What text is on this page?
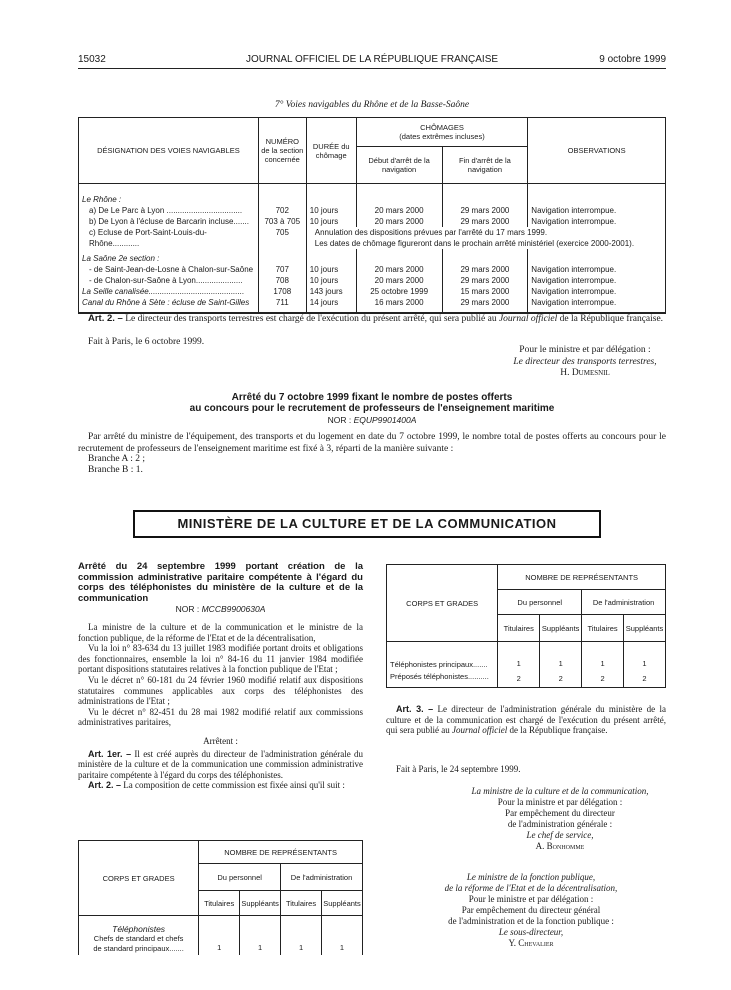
15032	JOURNAL OFFICIEL DE LA RÉPUBLIQUE FRANÇAISE	9 octobre 1999
7° Voies navigables du Rhône et de la Basse-Saône
DÉSIGNATION DES VOIES NAVIGABLES	NUMÉRO de la section concernée	DURÉE du chômage	CHÔMAGES
(dates extrêmes incluses)		OBSERVATIONS
			Début d'arrêt de la navigation	Fin d'arrêt de la navigation	
Le Rhône :					
a) De Le Parc à Lyon ..................................	702	10 jours	20 mars 2000	29 mars 2000	Navigation interrompue.
b) De Lyon à l'écluse de Barcarin incluse.......	703 à 705	10 jours	20 mars 2000	29 mars 2000	Navigation interrompue.
c) Ecluse de Port-Saint-Louis-du-Rhône............	705	Annulation des dispositions prévues par l'arrêté du 17 mars 1999.
Les dates de chômage figureront dans le prochain arrêté ministériel (exercice 2000-2001).			

La Saône 2e section :					
- de Saint-Jean-de-Losne à Chalon-sur-Saône	707	10 jours	20 mars 2000	29 mars 2000	Navigation interrompue.
- de Chalon-sur-Saône à Lyon.....................	708	10 jours	20 mars 2000	29 mars 2000	Navigation interrompue.
La Seille canalisée...........................................	1708	143 jours	25 octobre 1999	15 mars 2000	Navigation interrompue.
Canal du Rhône à Sète : écluse de Saint-Gilles	711	14 jours	16 mars 2000	29 mars 2000	Navigation interrompue.

Art. 2. – Le directeur des transports terrestres est chargé de l'exécution du présent arrêté, qui sera publié au Journal officiel de la République française.
Fait à Paris, le 6 octobre 1999.
Pour le ministre et par délégation :
Le directeur des transports terrestres,
H. Dumesnil
Arrêté du 7 octobre 1999 fixant le nombre de postes offerts
au concours pour le recrutement de professeurs de l'enseignement maritime
NOR : EQUP9901400A
Par arrêté du ministre de l'équipement, des transports et du logement en date du 7 octobre 1999, le nombre total de postes offerts au concours pour le recrutement de professeurs de l'enseignement maritime est fixé à 3, réparti de la manière suivante :
Branche A : 2 ;
Branche B : 1.
MINISTÈRE DE LA CULTURE ET DE LA COMMUNICATION
Arrêté du 24 septembre 1999 portant création de la commission administrative paritaire compétente à l'égard du corps des téléphonistes du ministère de la culture et de la communication
NOR : MCCB9900630A
La ministre de la culture et de la communication et le ministre de la fonction publique, de la réforme de l'Etat et de la décentralisation,
Vu la loi n° 83-634 du 13 juillet 1983 modifiée portant droits et obligations des fonctionnaires, ensemble la loi n° 84-16 du 11 janvier 1984 modifiée portant dispositions statutaires relatives à la fonction publique de l'Etat ;
Vu le décret n° 60-181 du 24 février 1960 modifié relatif aux dispositions statutaires communes applicables aux corps des téléphonistes des administrations de l'Etat ;
Vu le décret n° 82-451 du 28 mai 1982 modifié relatif aux commissions administratives paritaires,
Arrêtent :
Art. 1er. – Il est créé auprès du directeur de l'administration générale du ministère de la culture et de la communication une commission administrative paritaire compétente à l'égard du corps des téléphonistes.
Art. 2. – La composition de cette commission est fixée ainsi qu'il suit :
CORPS ET GRADES	NOMBRE DE REPRÉSENTANTS			
	Du personnel		De l'administration	
	Titulaires	Suppléants	Titulaires	Suppléants

Téléphonistes
Chefs de standard et chefs
de standard principaux.......	1	1	1	1
CORPS ET GRADES	NOMBRE DE REPRÉSENTANTS			
	Du personnel		De l'administration	
	Titulaires	Suppléants	Titulaires	Suppléants
Téléphonistes principaux.......	1	1	1	1
Préposés téléphonistes..........	2	2	2	2
Art. 3. – Le directeur de l'administration générale du ministère de la culture et de la communication est chargé de l'exécution du présent arrêté, qui sera publié au Journal officiel de la République française.
Fait à Paris, le 24 septembre 1999.
La ministre de la culture et de la communication,
Pour la ministre et par délégation :
Par empêchement du directeur
de l'administration générale :
Le chef de service,
A. Bonhomme
Le ministre de la fonction publique,
de la réforme de l'Etat et de la décentralisation,
Pour le ministre et par délégation :
Par empêchement du directeur général
de l'administration et de la fonction publique :
Le sous-directeur,
Y. Chevalier
